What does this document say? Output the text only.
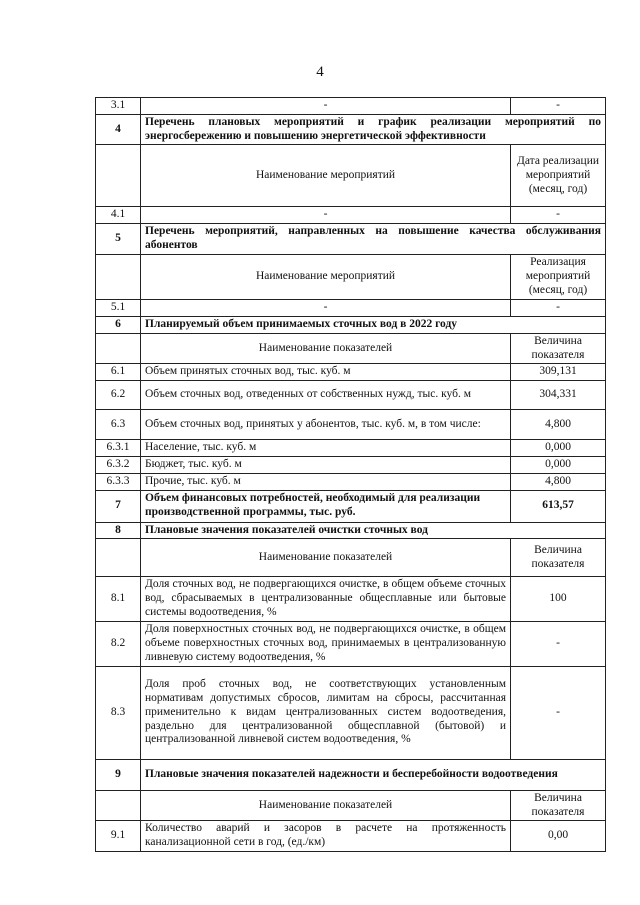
4
3.1	-	-
4	Перечень плановых мероприятий и график реализации мероприятий по энергосбережению и повышению энергетической эффективности	
	Наименование мероприятий	Дата реализации мероприятий (месяц, год)
4.1	-	-
5	Перечень мероприятий, направленных на повышение качества обслуживания абонентов	
	Наименование мероприятий	Реализация мероприятий (месяц, год)
5.1	-	-
6	Планируемый объем принимаемых сточных вод в 2022 году	
	Наименование показателей	Величина показателя
6.1	Объем принятых сточных вод, тыс. куб. м	309,131
6.2	Объем сточных вод, отведенных от собственных нужд, тыс. куб. м	304,331
6.3	Объем сточных вод, принятых у абонентов, тыс. куб. м, в том числе:	4,800
6.3.1	Население, тыс. куб. м	0,000
6.3.2	Бюджет, тыс. куб. м	0,000
6.3.3	Прочие, тыс. куб. м	4,800
7	Объем финансовых потребностей, необходимый для реализации производственной программы, тыс. руб.	613,57
8	Плановые значения показателей очистки сточных вод	
	Наименование показателей	Величина показателя
8.1	Доля сточных вод, не подвергающихся очистке, в общем объеме сточных вод, сбрасываемых в централизованные общесплавные или бытовые системы водоотведения, %	100
8.2	Доля поверхностных сточных вод, не подвергающихся очистке, в общем объеме поверхностных сточных вод, принимаемых в централизованную ливневую систему водоотведения, %	-
8.3	Доля проб сточных вод, не соответствующих установленным нормативам допустимых сбросов, лимитам на сбросы, рассчитанная применительно к видам централизованных систем водоотведения, раздельно для централизованной общесплавной (бытовой) и централизованной ливневой систем водоотведения, %	-
9	Плановые значения показателей надежности и бесперебойности водоотведения	
	Наименование показателей	Величина показателя
9.1	Количество аварий и засоров в расчете на протяженность канализационной сети в год, (ед./км)	0,00
